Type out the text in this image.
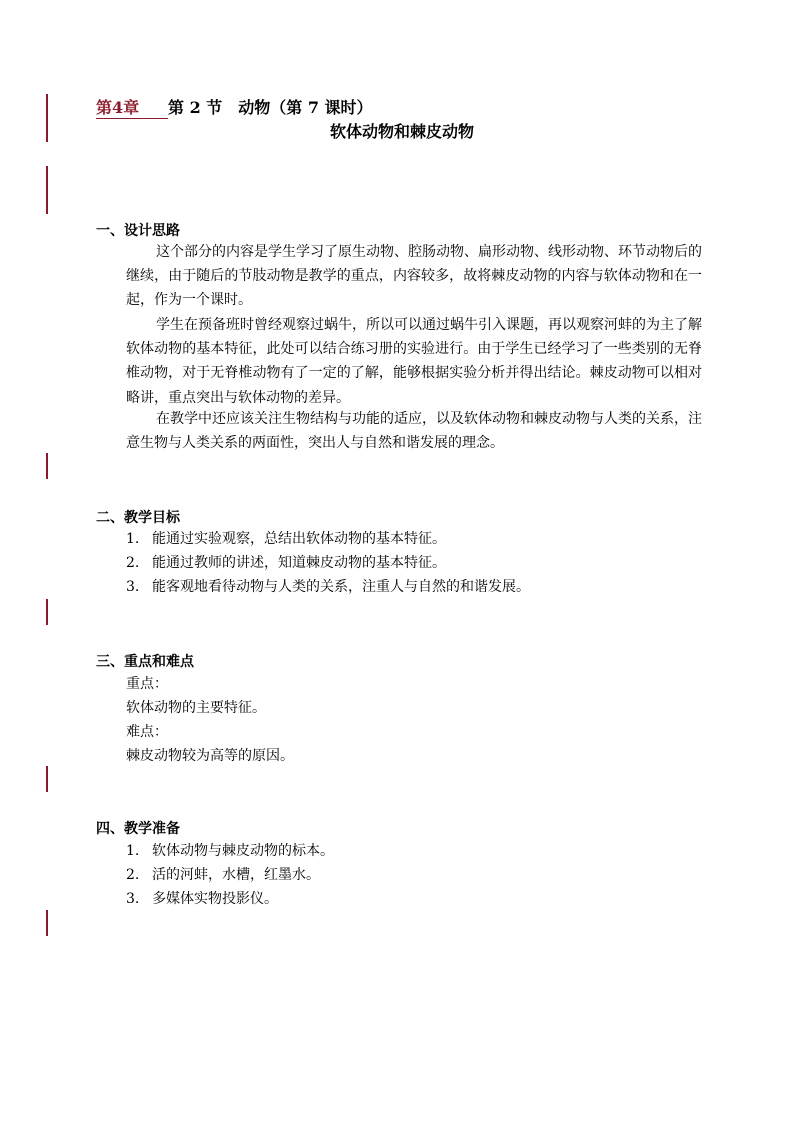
第4章 第 2 节　动物（第 7 课时）
软体动物和棘皮动物
一、设计思路

这个部分的内容是学生学习了原生动物、腔肠动物、扁形动物、线形动物、环节动物后的继续，由于随后的节肢动物是教学的重点，内容较多，故将棘皮动物的内容与软体动物和在一起，作为一个课时。

学生在预备班时曾经观察过蜗牛，所以可以通过蜗牛引入课题，再以观察河蚌的为主了解软体动物的基本特征，此处可以结合练习册的实验进行。由于学生已经学习了一些类别的无脊椎动物，对于无脊椎动物有了一定的了解，能够根据实验分析并得出结论。棘皮动物可以相对略讲，重点突出与软体动物的差异。

在教学中还应该关注生物结构与功能的适应，以及软体动物和棘皮动物与人类的关系，注意生物与人类关系的两面性，突出人与自然和谐发展的理念。

二、教学目标
1. 能通过实验观察，总结出软体动物的基本特征。
2. 能通过教师的讲述，知道棘皮动物的基本特征。
3. 能客观地看待动物与人类的关系，注重人与自然的和谐发展。
三、重点和难点
重点：
软体动物的主要特征。
难点：
棘皮动物较为高等的原因。
四、教学准备
1. 软体动物与棘皮动物的标本。
2. 活的河蚌，水槽，红墨水。
3. 多媒体实物投影仪。
